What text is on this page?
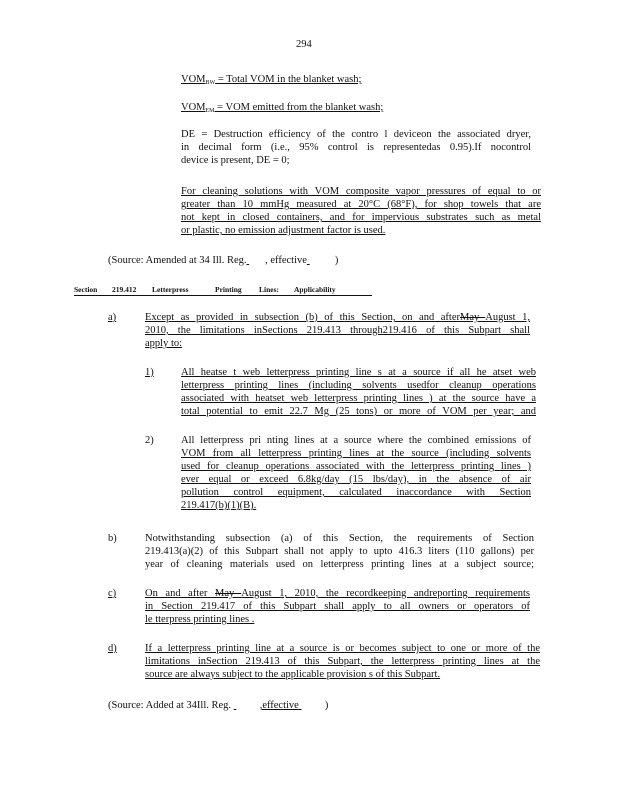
294
$VOM_{BW}$ = Total VOM in the blanket wash;
$VOM_{EM}$ = VOM emitted from the blanket wash;
DE = Destruction efficiency of the contro l deviceon the associated dryer,
in decimal form (i.e., 95% control is representedas 0.95).If nocontrol
device is present, DE = 0;
For cleaning solutions with VOM composite vapor pressures of equal to or
greater than 10 mmHg measured at 20°C (68°F), for shop towels that are
not kept in closed containers, and for impervious substrates such as metal
or plastic, no emission adjustment factor is used.
(Source: Amended at 34 Ill. Reg.  , effective	)
Section 219.412 Letterpress	Printing Lines: Applicability
a)	Except as provided in subsection (b) of this Section, on and afterMay August 1,
2010, the limitations inSections 219.413 through219.416 of this Subpart shall
apply to:
1)	All heatse t web letterpress printing line s at a source if all he atset web
letterpress printing lines (including solvents usedfor cleanup operations
associated with heatset web letterpress printing lines ) at the source have a
total potential to emit 22.7 Mg (25 tons) or more of VOM per year; and
2)	All letterpress pri nting lines at a source where the combined emissions of
VOM from all letterpress printing lines at the source (including solvents
used for cleanup operations associated with the letterpress printing lines )
ever equal or exceed 6.8kg/day (15 lbs/day), in the absence of air
pollution control equipment, calculated inaccordance with Section
219.417(b)(1)(B).
b)	Notwithstanding subsection (a) of this Section, the requirements of Section
219.413(a)(2) of this Subpart shall not apply to upto 416.3 liters (110 gallons) per
year of cleaning materials used on letterpress printing lines at a subject source;
c)	On and after May August 1, 2010, the recordkeeping andreporting requirements
in Section 219.417 of this Subpart shall apply to all owners or operators of
le tterpress printing lines .
d)	If a letterpress printing line at a source is or becomes subject to one or more of the
limitations inSection 219.413 of this Subpart, the letterpress printing lines at the
source are always subject to the applicable provision s of this Subpart.
(Source: Added at 34Ill. Reg.	,effective )
